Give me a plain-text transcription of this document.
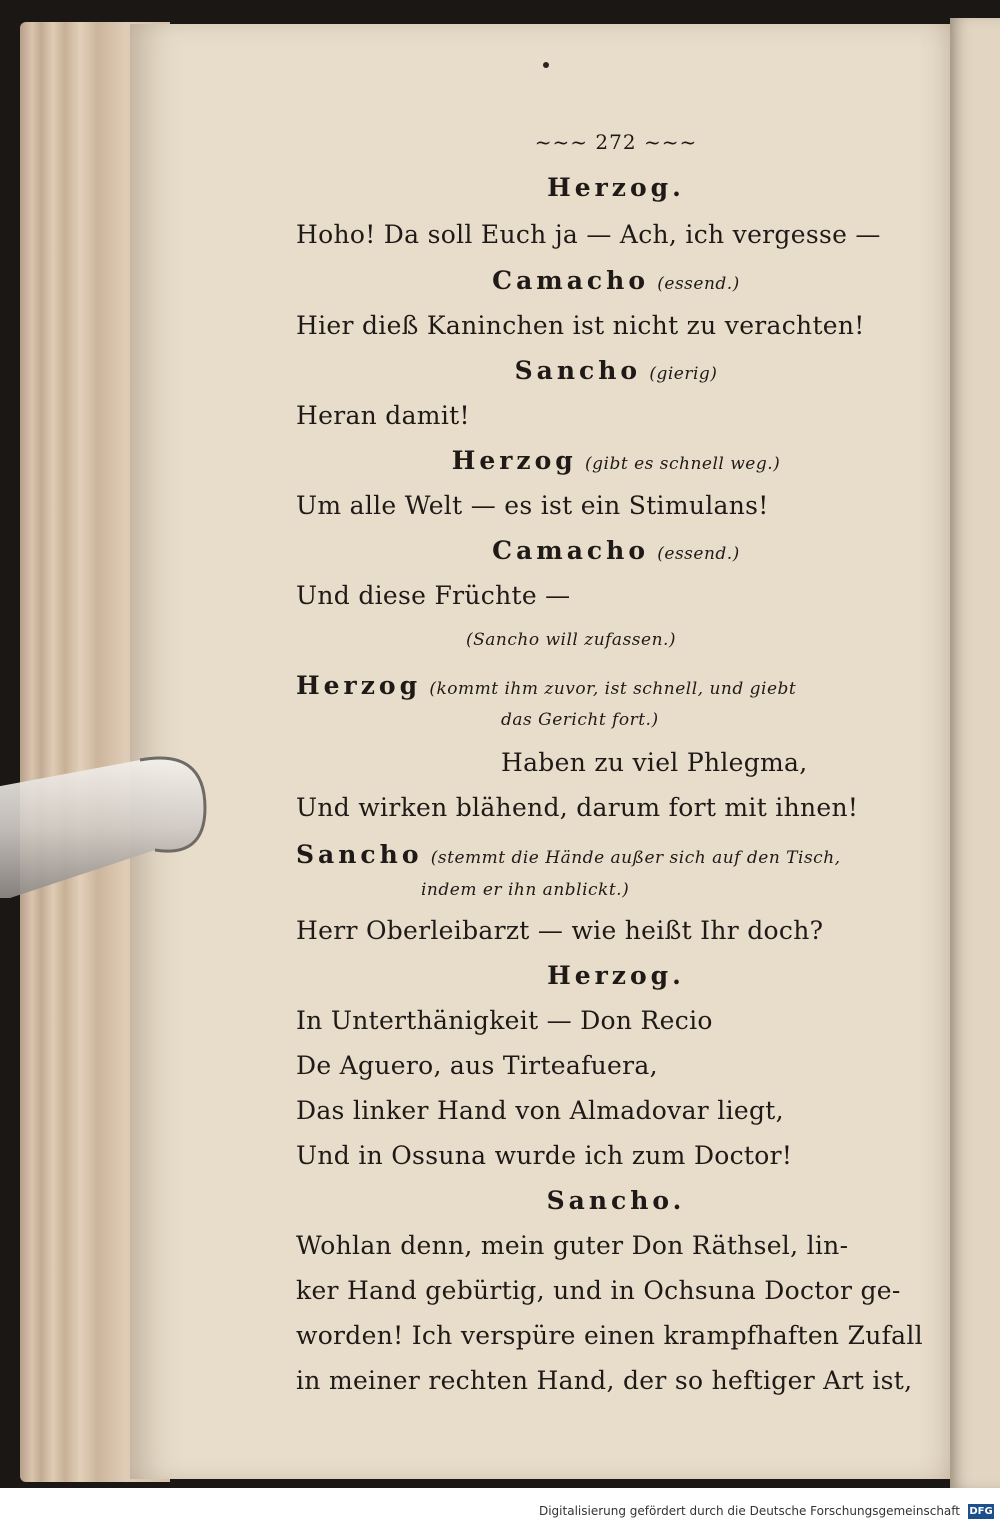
~~~ 272 ~~~
Herzog.
Hoho! Da soll Euch ja — Ach, ich vergesse —
Camacho (essend.)
Hier dieß Kaninchen ist nicht zu verachten!
Sancho (gierig)
Heran damit!
Herzog (gibt es schnell weg.)
Um alle Welt — es ist ein Stimulans!
Camacho (essend.)
Und diese Früchte —
(Sancho will zufassen.)
Herzog (kommt ihm zuvor, ist schnell, und giebt
das Gericht fort.)
Haben zu viel Phlegma,
Und wirken blähend, darum fort mit ihnen!
Sancho (stemmt die Hände außer sich auf den Tisch,
indem er ihn anblickt.)
Herr Oberleibarzt — wie heißt Ihr doch?
Herzog.
In Unterthänigkeit — Don Recio
De Aguero, aus Tirteafuera,
Das linker Hand von Almadovar liegt,
Und in Ossuna wurde ich zum Doctor!
Sancho.
Wohlan denn, mein guter Don Räthsel, lin-
ker Hand gebürtig, und in Ochsuna Doctor ge-
worden! Ich verspüre einen krampfhaften Zufall
in meiner rechten Hand, der so heftiger Art ist,
Digitalisierung gefördert durch die Deutsche Forschungsgemeinschaft DFG
